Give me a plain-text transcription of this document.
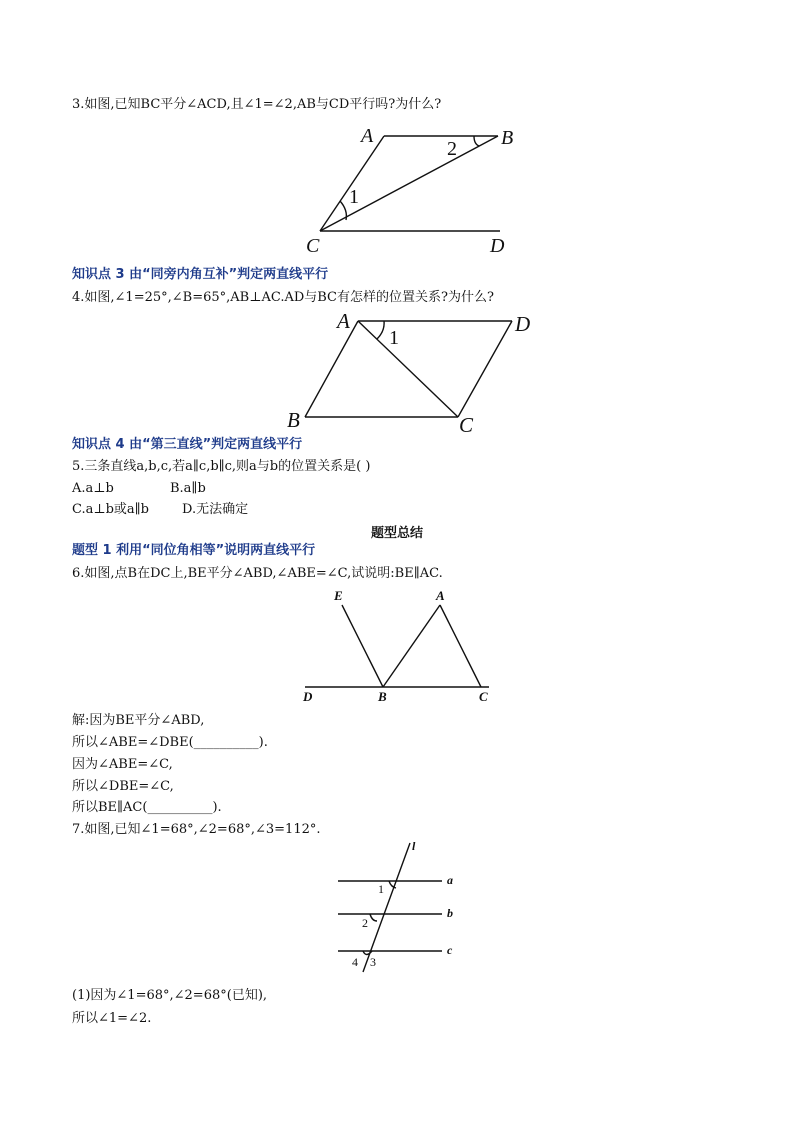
3.如图,已知BC平分∠ACD,且∠1=∠2,AB与CD平行吗?为什么?
A	B
C	D
1
2
知识点 3 由“同旁内角互补”判定两直线平行
4.如图,∠1=25°,∠B=65°,AB⊥AC.AD与BC有怎样的位置关系?为什么?
A	D
B	C
1
知识点 4 由“第三直线”判定两直线平行
5.三条直线a,b,c,若a∥c,b∥c,则a与b的位置关系是( )
A.a⊥b	B.a∥b
C.a⊥b或a∥b	D.无法确定
题型总结
题型 1 利用“同位角相等”说明两直线平行
6.如图,点B在DC上,BE平分∠ABD,∠ABE=∠C,试说明:BE∥AC.
E	A
D	B	C
解:因为BE平分∠ABD,
所以∠ABE=∠DBE(__________).
因为∠ABE=∠C,
所以∠DBE=∠C,
所以BE∥AC(__________).
7.如图,已知∠1=68°,∠2=68°,∠3=112°.
l
a
b
c
1
2
3
4
(1)因为∠1=68°,∠2=68°(已知),
所以∠1=∠2.
